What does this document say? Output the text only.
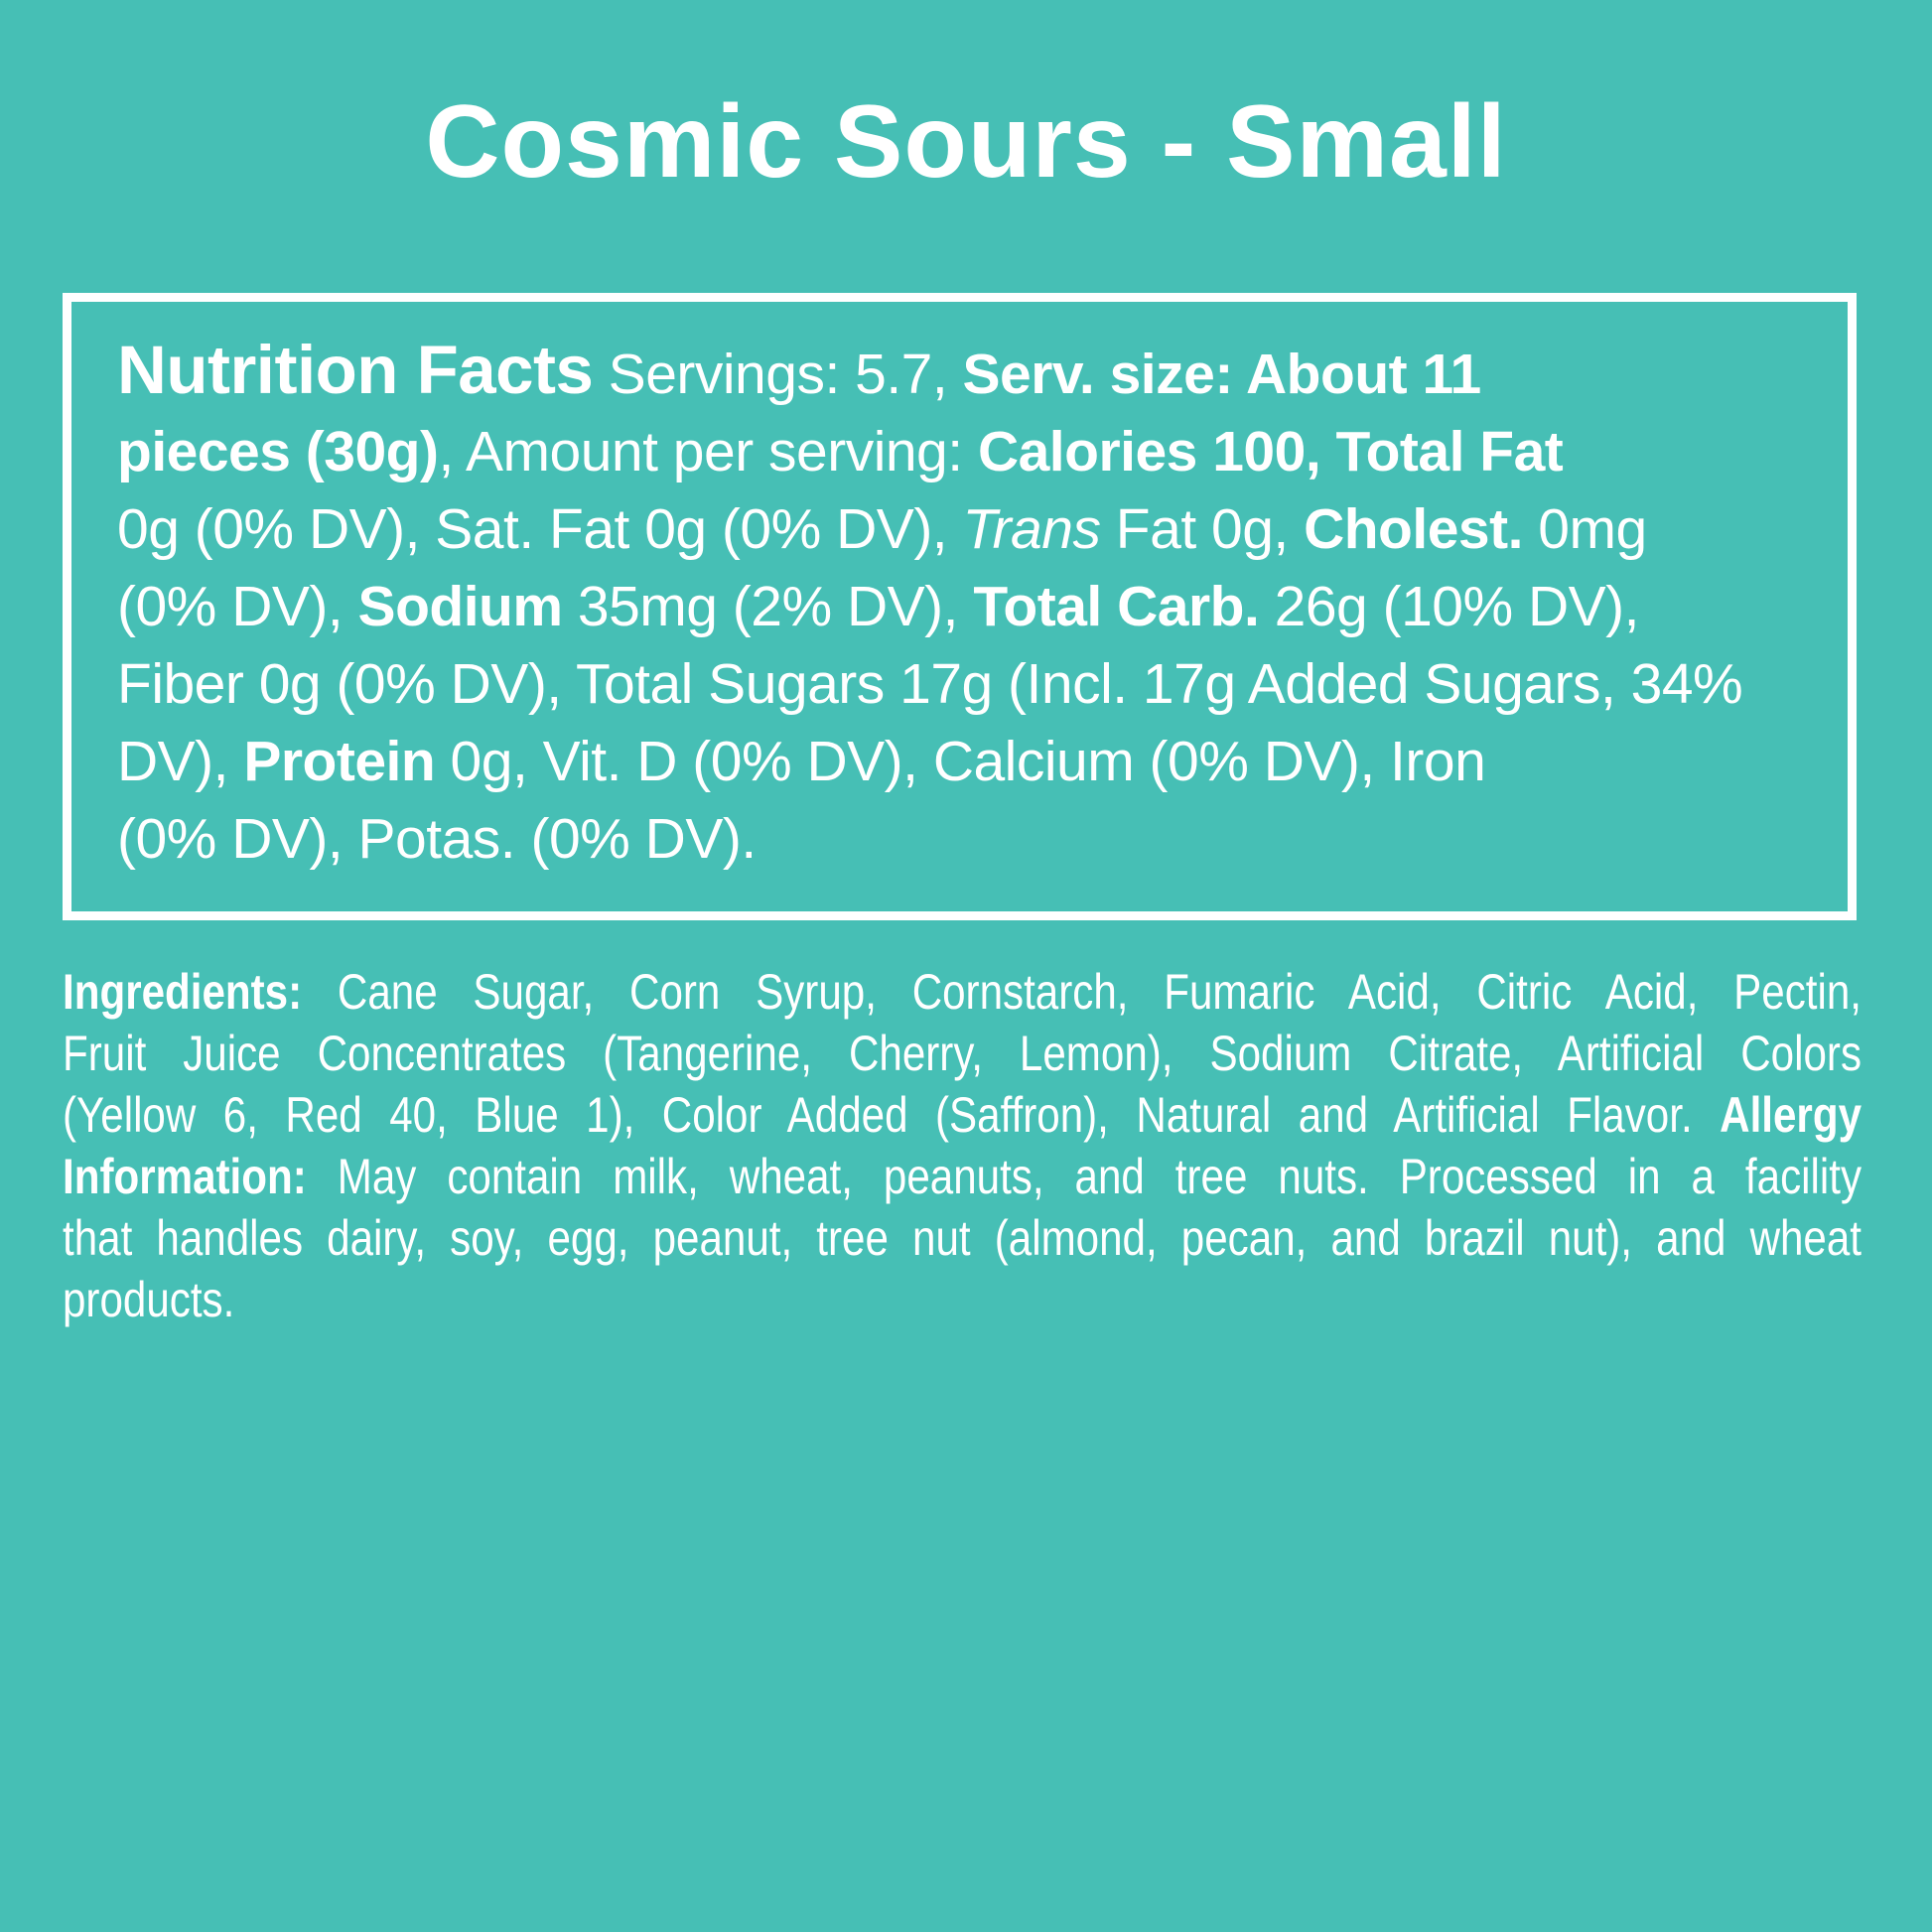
Cosmic Sours - Small
Nutrition Facts Servings: 5.7, Serv. size: About 11
pieces (30g), Amount per serving: Calories 100, Total Fat
0g (0% DV), Sat. Fat 0g (0% DV), Trans Fat 0g, Cholest. 0mg
(0% DV), Sodium 35mg (2% DV), Total Carb. 26g (10% DV),
Fiber 0g (0% DV), Total Sugars 17g (Incl. 17g Added Sugars, 34%
DV), Protein 0g, Vit. D (0% DV), Calcium (0% DV), Iron
(0% DV), Potas. (0% DV).
Ingredients: Cane Sugar, Corn Syrup, Cornstarch, Fumaric Acid, Citric Acid, Pectin,
Fruit Juice Concentrates (Tangerine, Cherry, Lemon), Sodium Citrate, Artificial Colors
(Yellow 6, Red 40, Blue 1), Color Added (Saffron), Natural and Artificial Flavor. Allergy
Information: May contain milk, wheat, peanuts, and tree nuts. Processed in a facility
that handles dairy, soy, egg, peanut, tree nut (almond, pecan, and brazil nut), and wheat
products.
